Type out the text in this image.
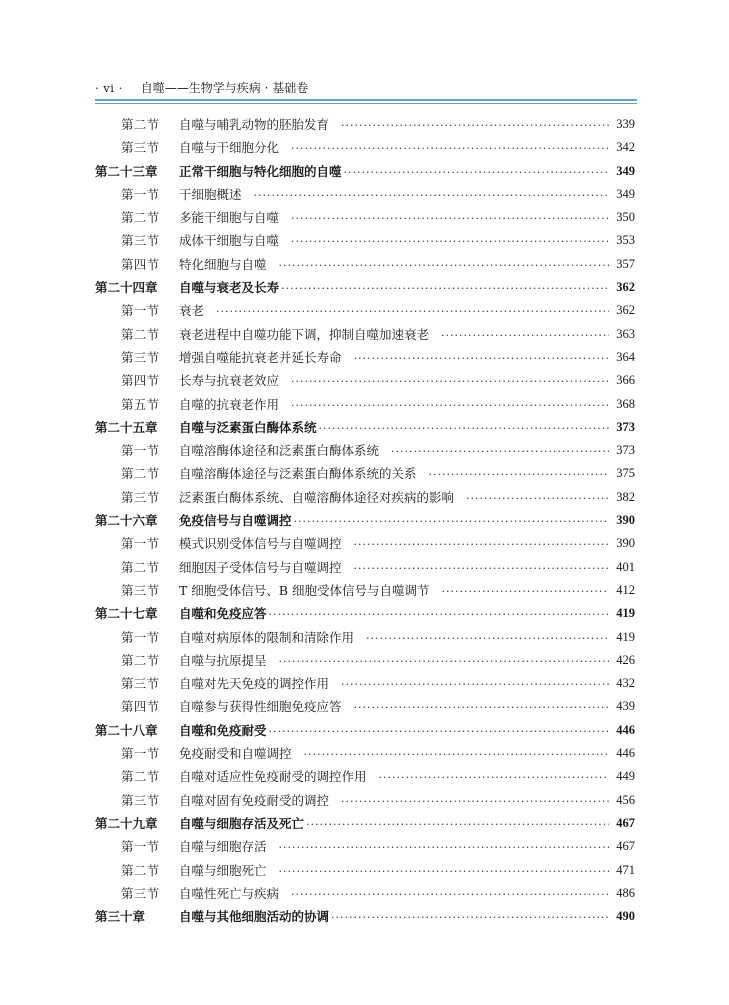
· vi · 自噬——生物学与疾病 · 基础卷
第二节	自噬与哺乳动物的胚胎发育 ·····	339
第三节	自噬与干细胞分化 ·····	342
第二十三章	正常干细胞与特化细胞的自噬 ·····	349
第一节	干细胞概述 ·····	349
第二节	多能干细胞与自噬 ·····	350
第三节	成体干细胞与自噬 ·····	353
第四节	特化细胞与自噬 ·····	357
第二十四章	自噬与衰老及长寿 ·····	362
第一节	衰老 ·····	362
第二节	衰老进程中自噬功能下调，抑制自噬加速衰老 ·····	363
第三节	增强自噬能抗衰老并延长寿命 ·····	364
第四节	长寿与抗衰老效应 ·····	366
第五节	自噬的抗衰老作用 ·····	368
第二十五章	自噬与泛素蛋白酶体系统 ·····	373
第一节	自噬溶酶体途径和泛素蛋白酶体系统 ·····	373
第二节	自噬溶酶体途径与泛素蛋白酶体系统的关系 ·····	375
第三节	泛素蛋白酶体系统、自噬溶酶体途径对疾病的影响 ·····	382
第二十六章	免疫信号与自噬调控 ·····	390
第一节	模式识别受体信号与自噬调控 ·····	390
第二节	细胞因子受体信号与自噬调控 ·····	401
第三节	T 细胞受体信号、B 细胞受体信号与自噬调节 ·····	412
第二十七章	自噬和免疫应答 ·····	419
第一节	自噬对病原体的限制和清除作用 ·····	419
第二节	自噬与抗原提呈 ·····	426
第三节	自噬对先天免疫的调控作用 ·····	432
第四节	自噬参与获得性细胞免疫应答 ·····	439
第二十八章	自噬和免疫耐受 ·····	446
第一节	免疫耐受和自噬调控 ·····	446
第二节	自噬对适应性免疫耐受的调控作用 ·····	449
第三节	自噬对固有免疫耐受的调控 ·····	456
第二十九章	自噬与细胞存活及死亡 ·····	467
第一节	自噬与细胞存活 ·····	467
第二节	自噬与细胞死亡 ·····	471
第三节	自噬性死亡与疾病 ·····	486
第三十章	自噬与其他细胞活动的协调 ·····	490
